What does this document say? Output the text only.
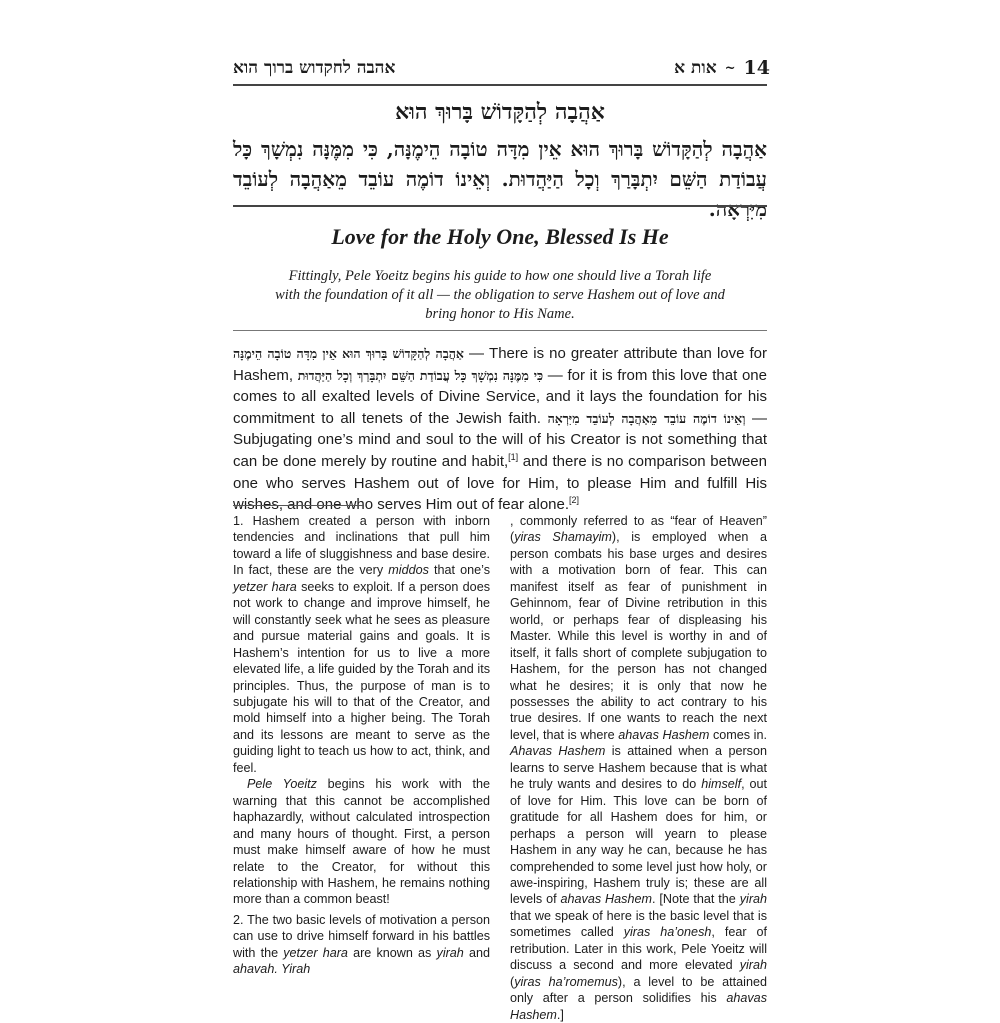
אהבה לחקדוש ברוך הוא	אות א ~ 14
אַהֲבָה לְהַקָּדוֹשׁ בָּרוּךְ הוּא
אַהֲבָה לְהַקָּדוֹשׁ בָּרוּךְ הוּא אֵין מִדָּה טוֹבָה הֵימֶנָּה, כִּי מִמֶּנָּה נִמְשָׁךְ כָּל עֲבוֹדַת הַשֵּׁם יִתְבָּרַךְ וְכָל הַיַּהֲדוּת. וְאֵינוֹ דוֹמֶה עוֹבֵד מֵאַהֲבָה לְעוֹבֵד מִיִּרְאָה.
Love for the Holy One, Blessed Is He
Fittingly, Pele Yoeitz begins his guide to how one should live a Torah life with the foundation of it all — the obligation to serve Hashem out of love and bring honor to His Name.
אַהֲבָה לְהַקָּדוֹשׁ בָּרוּךְ הוּא אֵין מִדָּה טוֹבָה הֵימֶנָּה — There is no greater attribute than love for Hashem, כִּי מִמֶּנָּה נִמְשָׁךְ כָּל עֲבוֹדַת הַשֵּׁם יִתְבָּרַךְ וְכָל הַיַּהֲדוּת — for it is from this love that one comes to all exalted levels of Divine Service, and it lays the foundation for his commitment to all tenets of the Jewish faith. וְאֵינוֹ דוֹמֶה עוֹבֵד מֵאַהֲבָה לְעוֹבֵד מִיִּרְאָה — Subjugating one’s mind and soul to the will of his Creator is not something that can be done merely by routine and habit,[1] and there is no comparison between one who serves Hashem out of love for Him, to please Him and fulfill His wishes, and one who serves Him out of fear alone.[2]

1. Hashem created a person with inborn tendencies and inclinations that pull him toward a life of sluggishness and base desire. In fact, these are the very middos that one’s yetzer hara seeks to exploit. If a person does not work to change and improve himself, he will constantly seek what he sees as pleasure and pursue material gains and goals. It is Hashem’s intention for us to live a more elevated life, a life guided by the Torah and its principles. Thus, the purpose of man is to subjugate his will to that of the Creator, and mold himself into a higher being. The Torah and its lessons are meant to serve as the guiding light to teach us how to act, think, and feel.

Pele Yoeitz begins his work with the warning that this cannot be accomplished haphazardly, without calculated introspection and many hours of thought. First, a person must make himself aware of how he must relate to the Creator, for without this relationship with Hashem, he remains nothing more than a common beast!

2. The two basic levels of motivation a person can use to drive himself forward in his battles with the yetzer hara are known as yirah and ahavah. Yirah

, commonly referred to as “fear of Heaven” (yiras Shamayim), is employed when a person combats his base urges and desires with a motivation born of fear. This can manifest itself as fear of punishment in Gehinnom, fear of Divine retribution in this world, or perhaps fear of displeasing his Master. While this level is worthy in and of itself, it falls short of complete subjugation to Hashem, for the person has not changed what he desires; it is only that now he possesses the ability to act contrary to his true desires. If one wants to reach the next level, that is where ahavas Hashem comes in. Ahavas Hashem is attained when a person learns to serve Hashem because that is what he truly wants and desires to do himself, out of love for Him. This love can be born of gratitude for all Hashem does for him, or perhaps a person will yearn to please Hashem in any way he can, because he has comprehended to some level just how holy, or awe-inspiring, Hashem truly is; these are all levels of ahavas Hashem. [Note that the yirah that we speak of here is the basic level that is sometimes called yiras ha’onesh, fear of retribution. Later in this work, Pele Yoeitz will discuss a second and more elevated yirah (yiras ha’romemus), a level to be attained only after a person solidifies his ahavas Hashem.]
